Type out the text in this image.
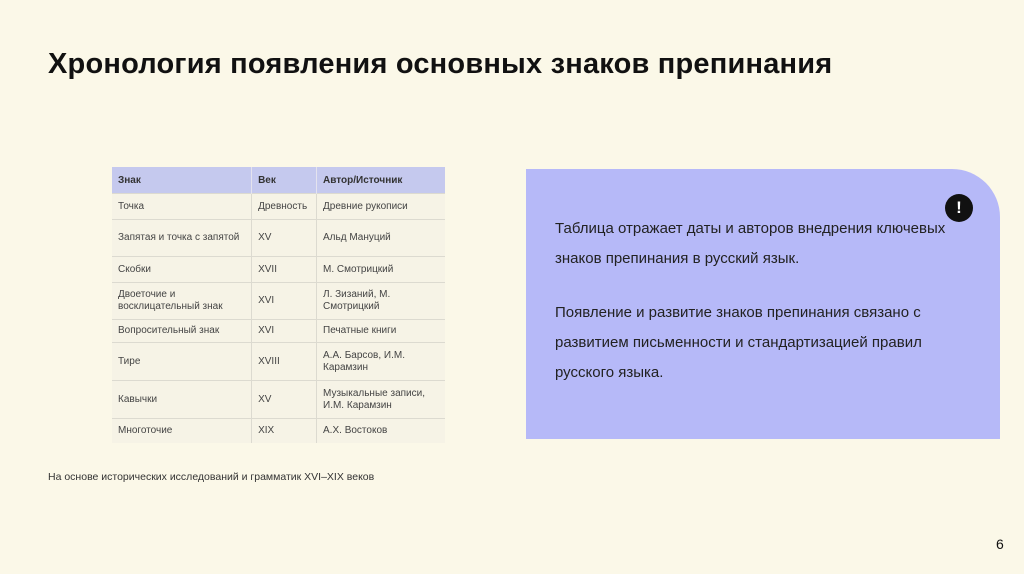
Хронология появления основных знаков препинания
Знак	Век	Автор/Источник
Точка	Древность	Древние рукописи
Запятая и точка с запятой	XV	Альд Мануций
Скобки	XVII	М. Смотрицкий
Двоеточие и восклицательный знак	XVI	Л. Зизаний, М. Смотрицкий
Вопросительный знак	XVI	Печатные книги
Тире	XVIII	А.А. Барсов, И.М. Карамзин
Кавычки	XV	Музыкальные записи, И.М. Карамзин
Многоточие	XIX	А.Х. Востоков
!

Таблица отражает даты и авторов внедрения ключевых знаков препинания в русский язык.

Появление и развитие знаков препинания связано с развитием письменности и стандартизацией правил русского языка.

На основе исторических исследований и грамматик XVI–XIX веков
6
